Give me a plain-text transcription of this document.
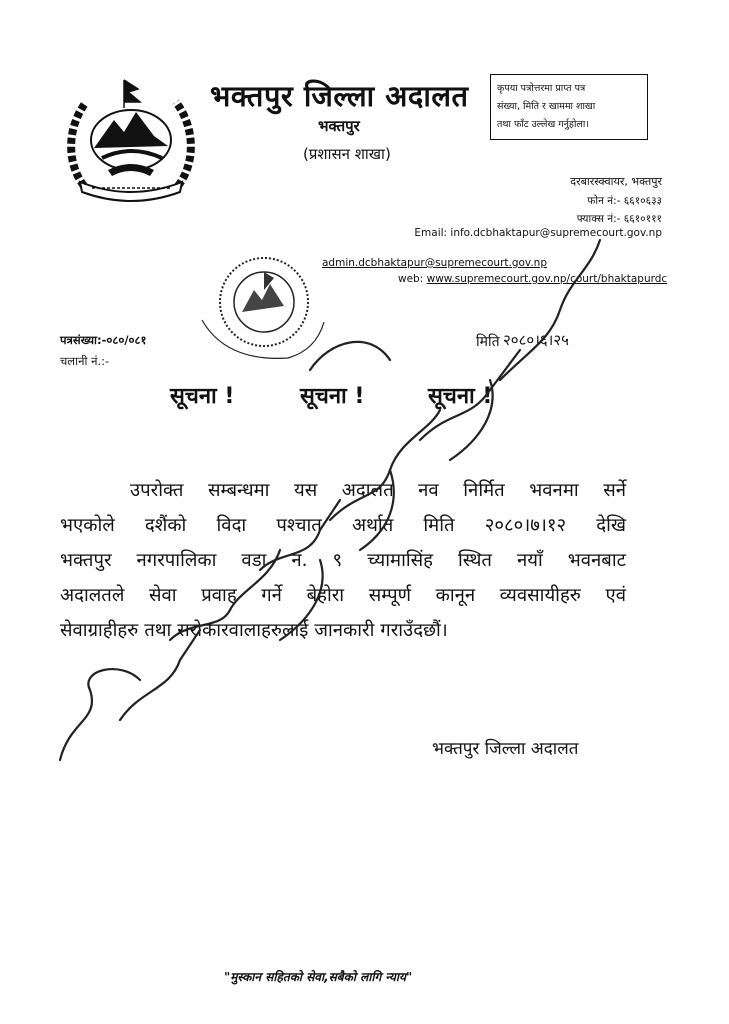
भक्तपुर जिल्ला अदालत
भक्तपुर
(प्रशासन शाखा)
कृपया पत्रोत्तरमा प्राप्त पत्र
संख्या, मिति र खाममा शाखा
तथा फाँट उल्लेख गर्नुहोला।
दरबारस्क्वायर, भक्तपुर
फोन नं:- ६६१०६३३
फ्याक्स नं:- ६६१०१११
Email: info.dcbhaktapur@supremecourt.gov.np
admin.dcbhaktapur@supremecourt.gov.np
web: www.supremecourt.gov.np/court/bhaktapurdc
पत्रसंख्या:-०८०/०८१
चलानी नं.:-
मिति २०८०।६।२५
सूचना !	सूचना !	सूचना !
उपरोक्त सम्बन्धमा यस अदालत नव निर्मित भवनमा सर्ने
भएकोले दशैंको विदा पश्चात अर्थात मिति २०८०।७।१२ देखि
भक्तपुर नगरपालिका वडा नं. ९ च्यामासिंह स्थित नयाँ भवनबाट
अदालतले सेवा प्रवाह गर्ने बेहोरा सम्पूर्ण कानून व्यवसायीहरु एवं
सेवाग्राहीहरु तथा सरोकारवालाहरुलाई जानकारी गराउँदछौं।
भक्तपुर जिल्ला अदालत
"मुस्कान सहितको सेवा,सबैको लागि न्याय"
